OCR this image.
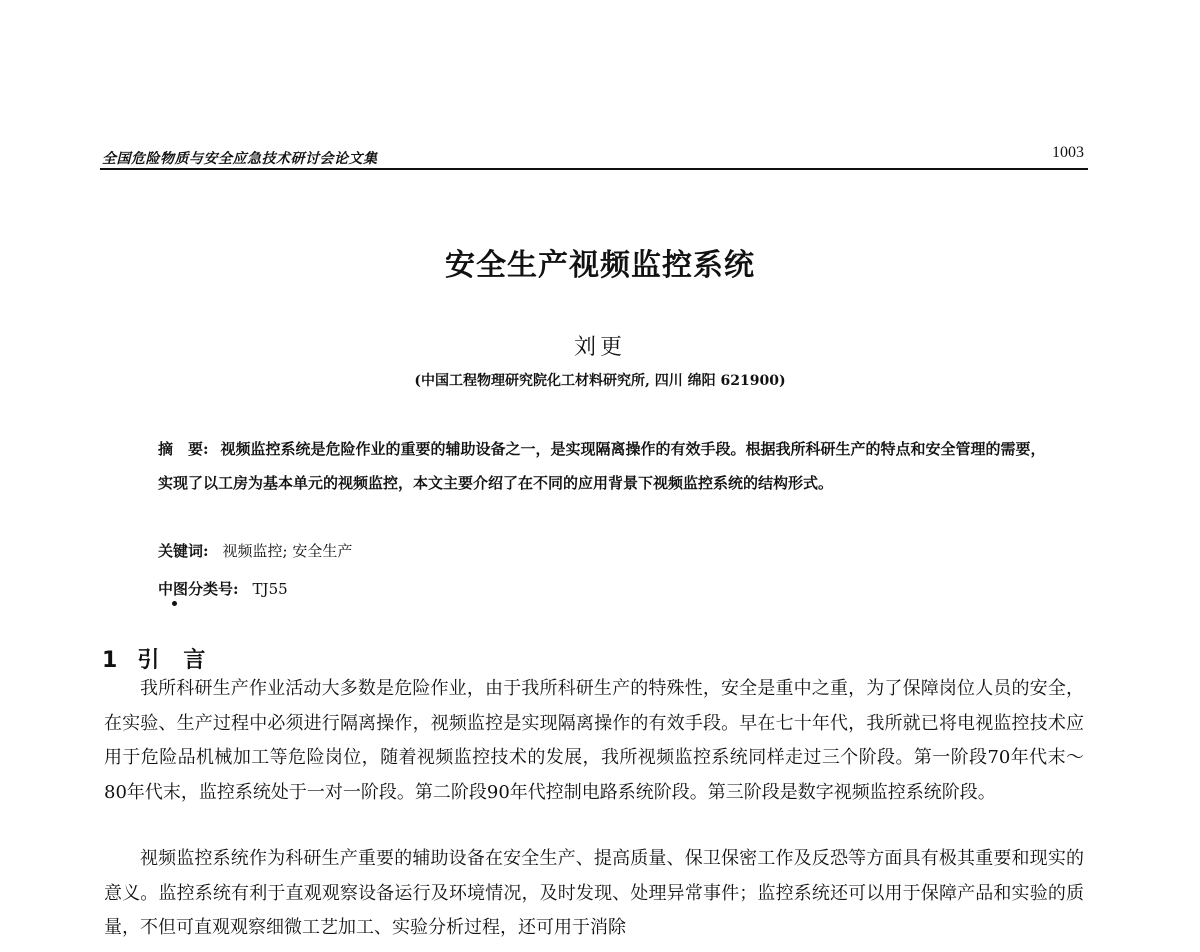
全国危险物质与安全应急技术研讨会论文集	1003
安全生产视频监控系统
刘更
(中国工程物理研究院化工材料研究所, 四川 绵阳 621900)
摘　要: 视频监控系统是危险作业的重要的辅助设备之一，是实现隔离操作的有效手段。根据我所科研生产的特点和安全管理的需要，实现了以工房为基本单元的视频监控，本文主要介绍了在不同的应用背景下视频监控系统的结构形式。
关键词: 视频监控; 安全生产
中图分类号: TJ55
1 引 言
我所科研生产作业活动大多数是危险作业，由于我所科研生产的特殊性，安全是重中之重，为了保障岗位人员的安全，在实验、生产过程中必须进行隔离操作，视频监控是实现隔离操作的有效手段。早在七十年代，我所就已将电视监控技术应用于危险品机械加工等危险岗位，随着视频监控技术的发展，我所视频监控系统同样走过三个阶段。第一阶段70年代末～80年代末，监控系统处于一对一阶段。第二阶段90年代控制电路系统阶段。第三阶段是数字视频监控系统阶段。
视频监控系统作为科研生产重要的辅助设备在安全生产、提高质量、保卫保密工作及反恐等方面具有极其重要和现实的意义。监控系统有利于直观观察设备运行及环境情况，及时发现、处理异常事件；监控系统还可以用于保障产品和实验的质量，不但可直观观察细微工艺加工、实验分析过程，还可用于消除
